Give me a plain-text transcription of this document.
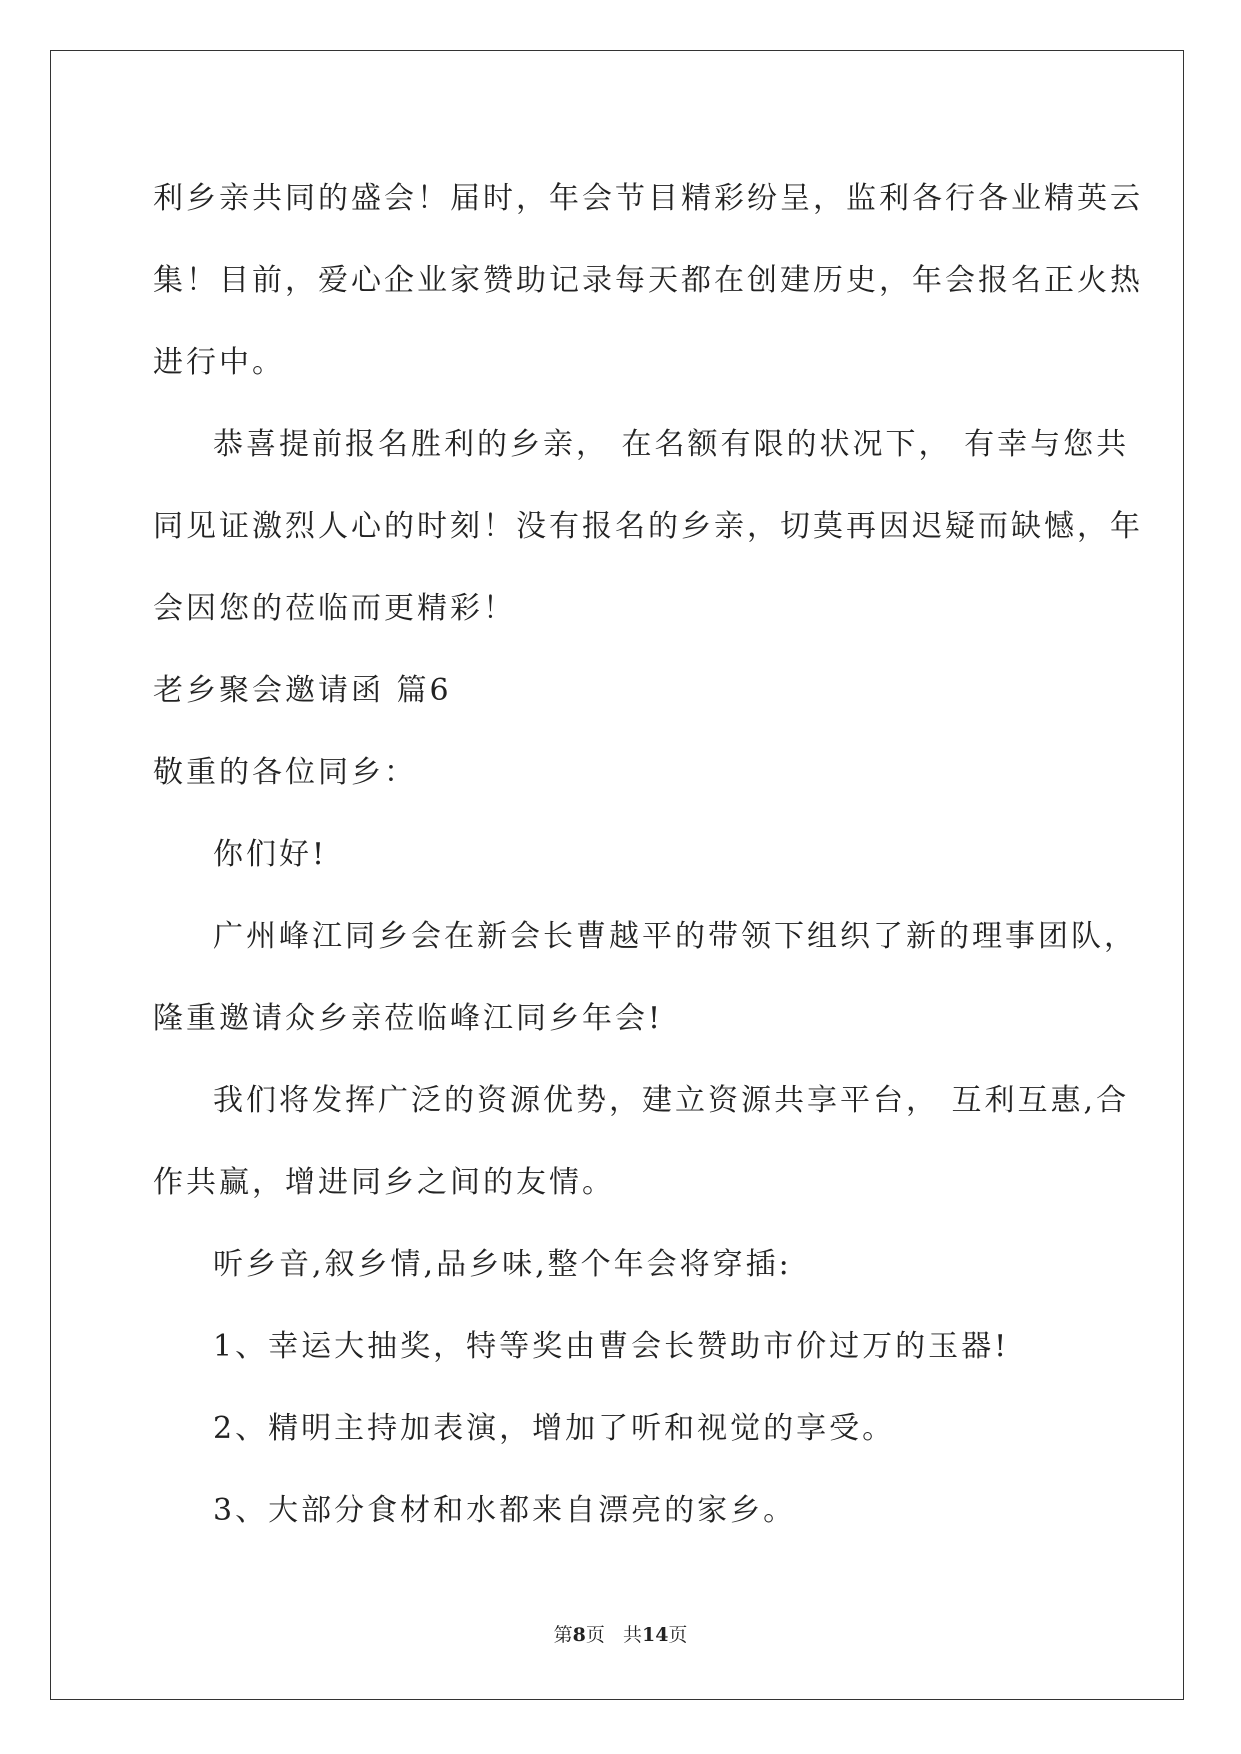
利乡亲共同的盛会！届时，年会节目精彩纷呈，监利各行各业精英云
集！目前，爱心企业家赞助记录每天都在创建历史，年会报名正火热
进行中。
恭喜提前报名胜利的乡亲， 在名额有限的状况下， 有幸与您共
同见证激烈人心的时刻！没有报名的乡亲，切莫再因迟疑而缺憾，年
会因您的莅临而更精彩！
老乡聚会邀请函 篇6
敬重的各位同乡：
你们好!
广州峰江同乡会在新会长曹越平的带领下组织了新的理事团队，
隆重邀请众乡亲莅临峰江同乡年会!
我们将发挥广泛的资源优势，建立资源共享平台， 互利互惠,合
作共赢，增进同乡之间的友情。
听乡音,叙乡情,品乡味,整个年会将穿插:
1、幸运大抽奖，特等奖由曹会长赞助市价过万的玉器!
2、精明主持加表演，增加了听和视觉的享受。
3、大部分食材和水都来自漂亮的家乡。
第8页 共14页
